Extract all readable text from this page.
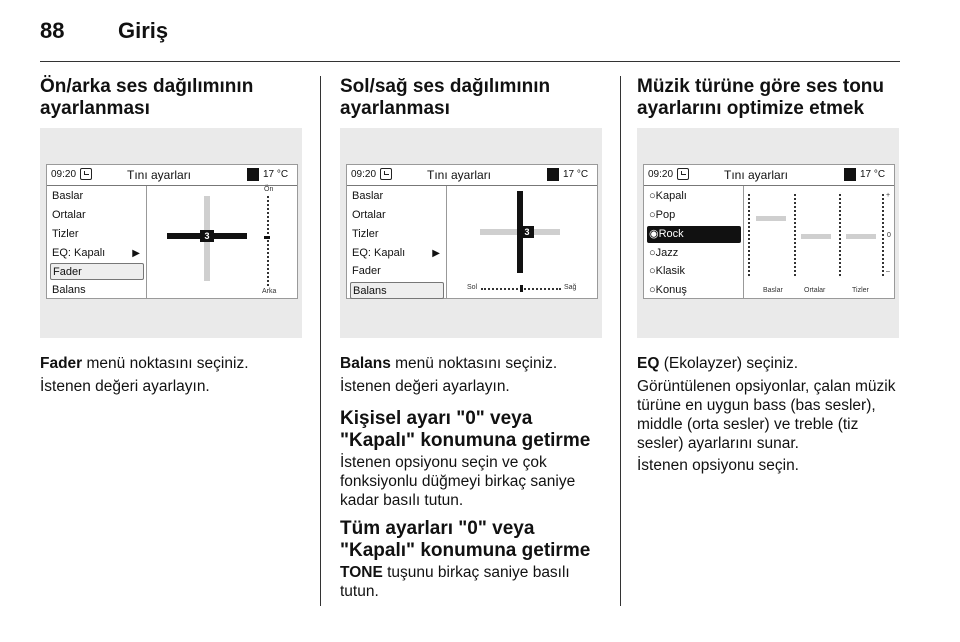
88 Giriş
Ön/arka ses dağılımının ayarlanması
09:20	Tını ayarları	17 °C
Baslar
Ortalar
Tizler
EQ: Kapalı	▶
Fader
Balans
3
Ön
Arka

Fader menü noktasını seçiniz.

İstenen değeri ayarlayın.

Sol/sağ ses dağılımının ayarlanması
09:20	Tını ayarları	17 °C
Baslar
Ortalar
Tizler
EQ: Kapalı	▶
Fader
Balans
3
Sol	Sağ

Balans menü noktasını seçiniz.

İstenen değeri ayarlayın.

Kişisel ayarı "0" veya "Kapalı" konumuna getirme

İstenen opsiyonu seçin ve çok fonksiyonlu düğmeyi birkaç saniye kadar basılı tutun.

Tüm ayarları "0" veya "Kapalı" konumuna getirme

TONE tuşunu birkaç saniye basılı tutun.

Müzik türüne göre ses tonu ayarlarını optimize etmek
09:20	Tını ayarları	17 °C
○Kapalı
○Pop
◉Rock
○Jazz
○Klasik
○Konuş
+
0
–
Baslar	Ortalar	Tizler

EQ (Ekolayzer) seçiniz.

Görüntülenen opsiyonlar, çalan müzik türüne en uygun bass (bas sesler), middle (orta sesler) ve treble (tiz sesler) ayarlarını sunar.

İstenen opsiyonu seçin.
